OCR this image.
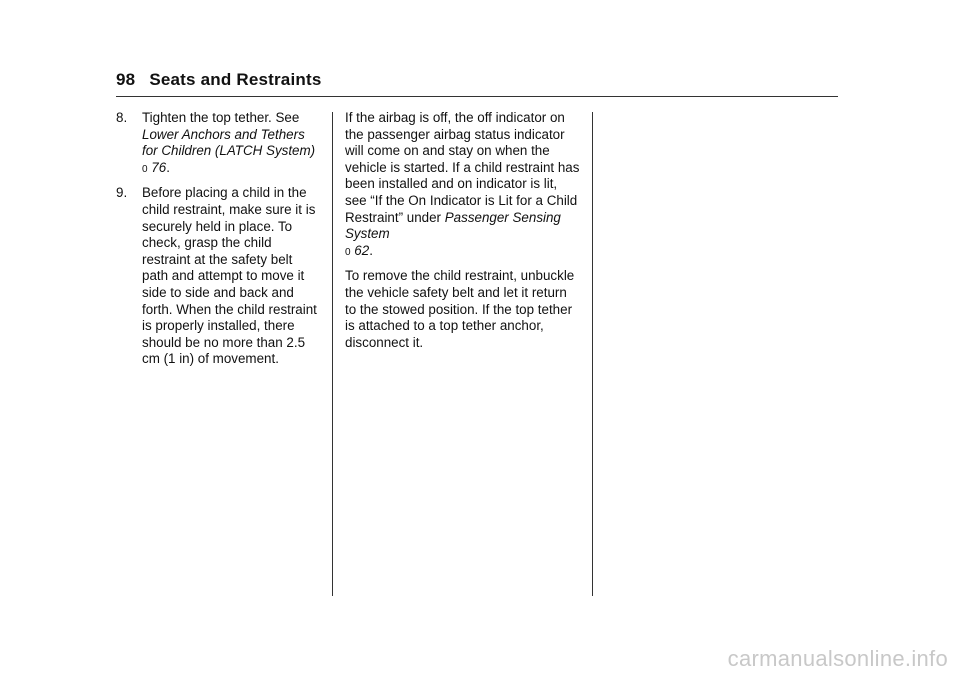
98 Seats and Restraints
8. Tighten the top tether. See Lower Anchors and Tethers for Children (LATCH System)
0 76.
9. Before placing a child in the child restraint, make sure it is securely held in place. To check, grasp the child restraint at the safety belt path and attempt to move it side to side and back and forth. When the child restraint is properly installed, there should be no more than 2.5 cm (1 in) of movement.

If the airbag is off, the off indicator on the passenger airbag status indicator will come on and stay on when the vehicle is started. If a child restraint has been installed and on indicator is lit, see “If the On Indicator is Lit for a Child Restraint” under Passenger Sensing System
0 62.

To remove the child restraint, unbuckle the vehicle safety belt and let it return to the stowed position. If the top tether is attached to a top tether anchor, disconnect it.

carmanualsonline.info
